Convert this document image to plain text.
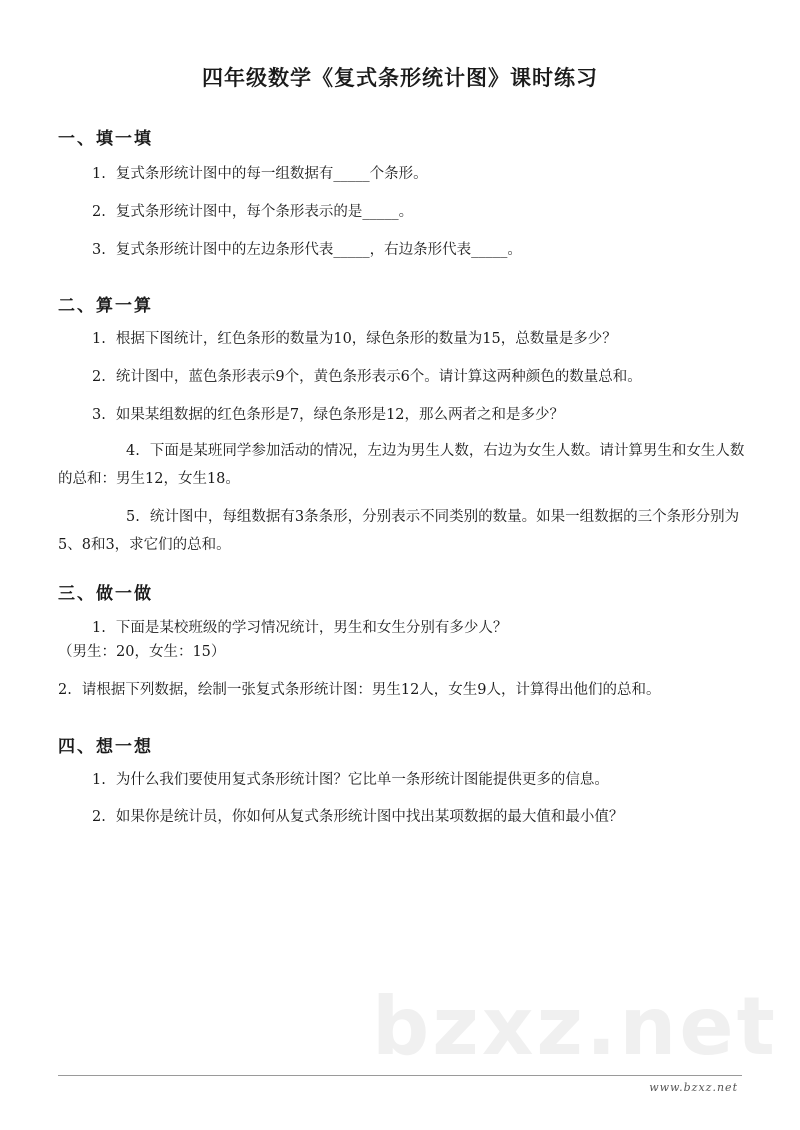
四年级数学《复式条形统计图》课时练习
一、填一填
1. 复式条形统计图中的每一组数据有_____个条形。
2. 复式条形统计图中，每个条形表示的是_____。
3. 复式条形统计图中的左边条形代表_____，右边条形代表_____。
二、算一算
1. 根据下图统计，红色条形的数量为10，绿色条形的数量为15，总数量是多少？
2. 统计图中，蓝色条形表示9个，黄色条形表示6个。请计算这两种颜色的数量总和。
3. 如果某组数据的红色条形是7，绿色条形是12，那么两者之和是多少？
4. 下面是某班同学参加活动的情况，左边为男生人数，右边为女生人数。请计算男生和女生人数的总和：男生12，女生18。
5. 统计图中，每组数据有3条条形，分别表示不同类别的数量。如果一组数据的三个条形分别为5、8和3，求它们的总和。
三、做一做
1. 下面是某校班级的学习情况统计，男生和女生分别有多少人？
（男生：20，女生：15）
2. 请根据下列数据，绘制一张复式条形统计图：男生12人，女生9人，计算得出他们的总和。
四、想一想
1. 为什么我们要使用复式条形统计图？它比单一条形统计图能提供更多的信息。
2. 如果你是统计员，你如何从复式条形统计图中找出某项数据的最大值和最小值？
bzxz.net
www.bzxz.net
